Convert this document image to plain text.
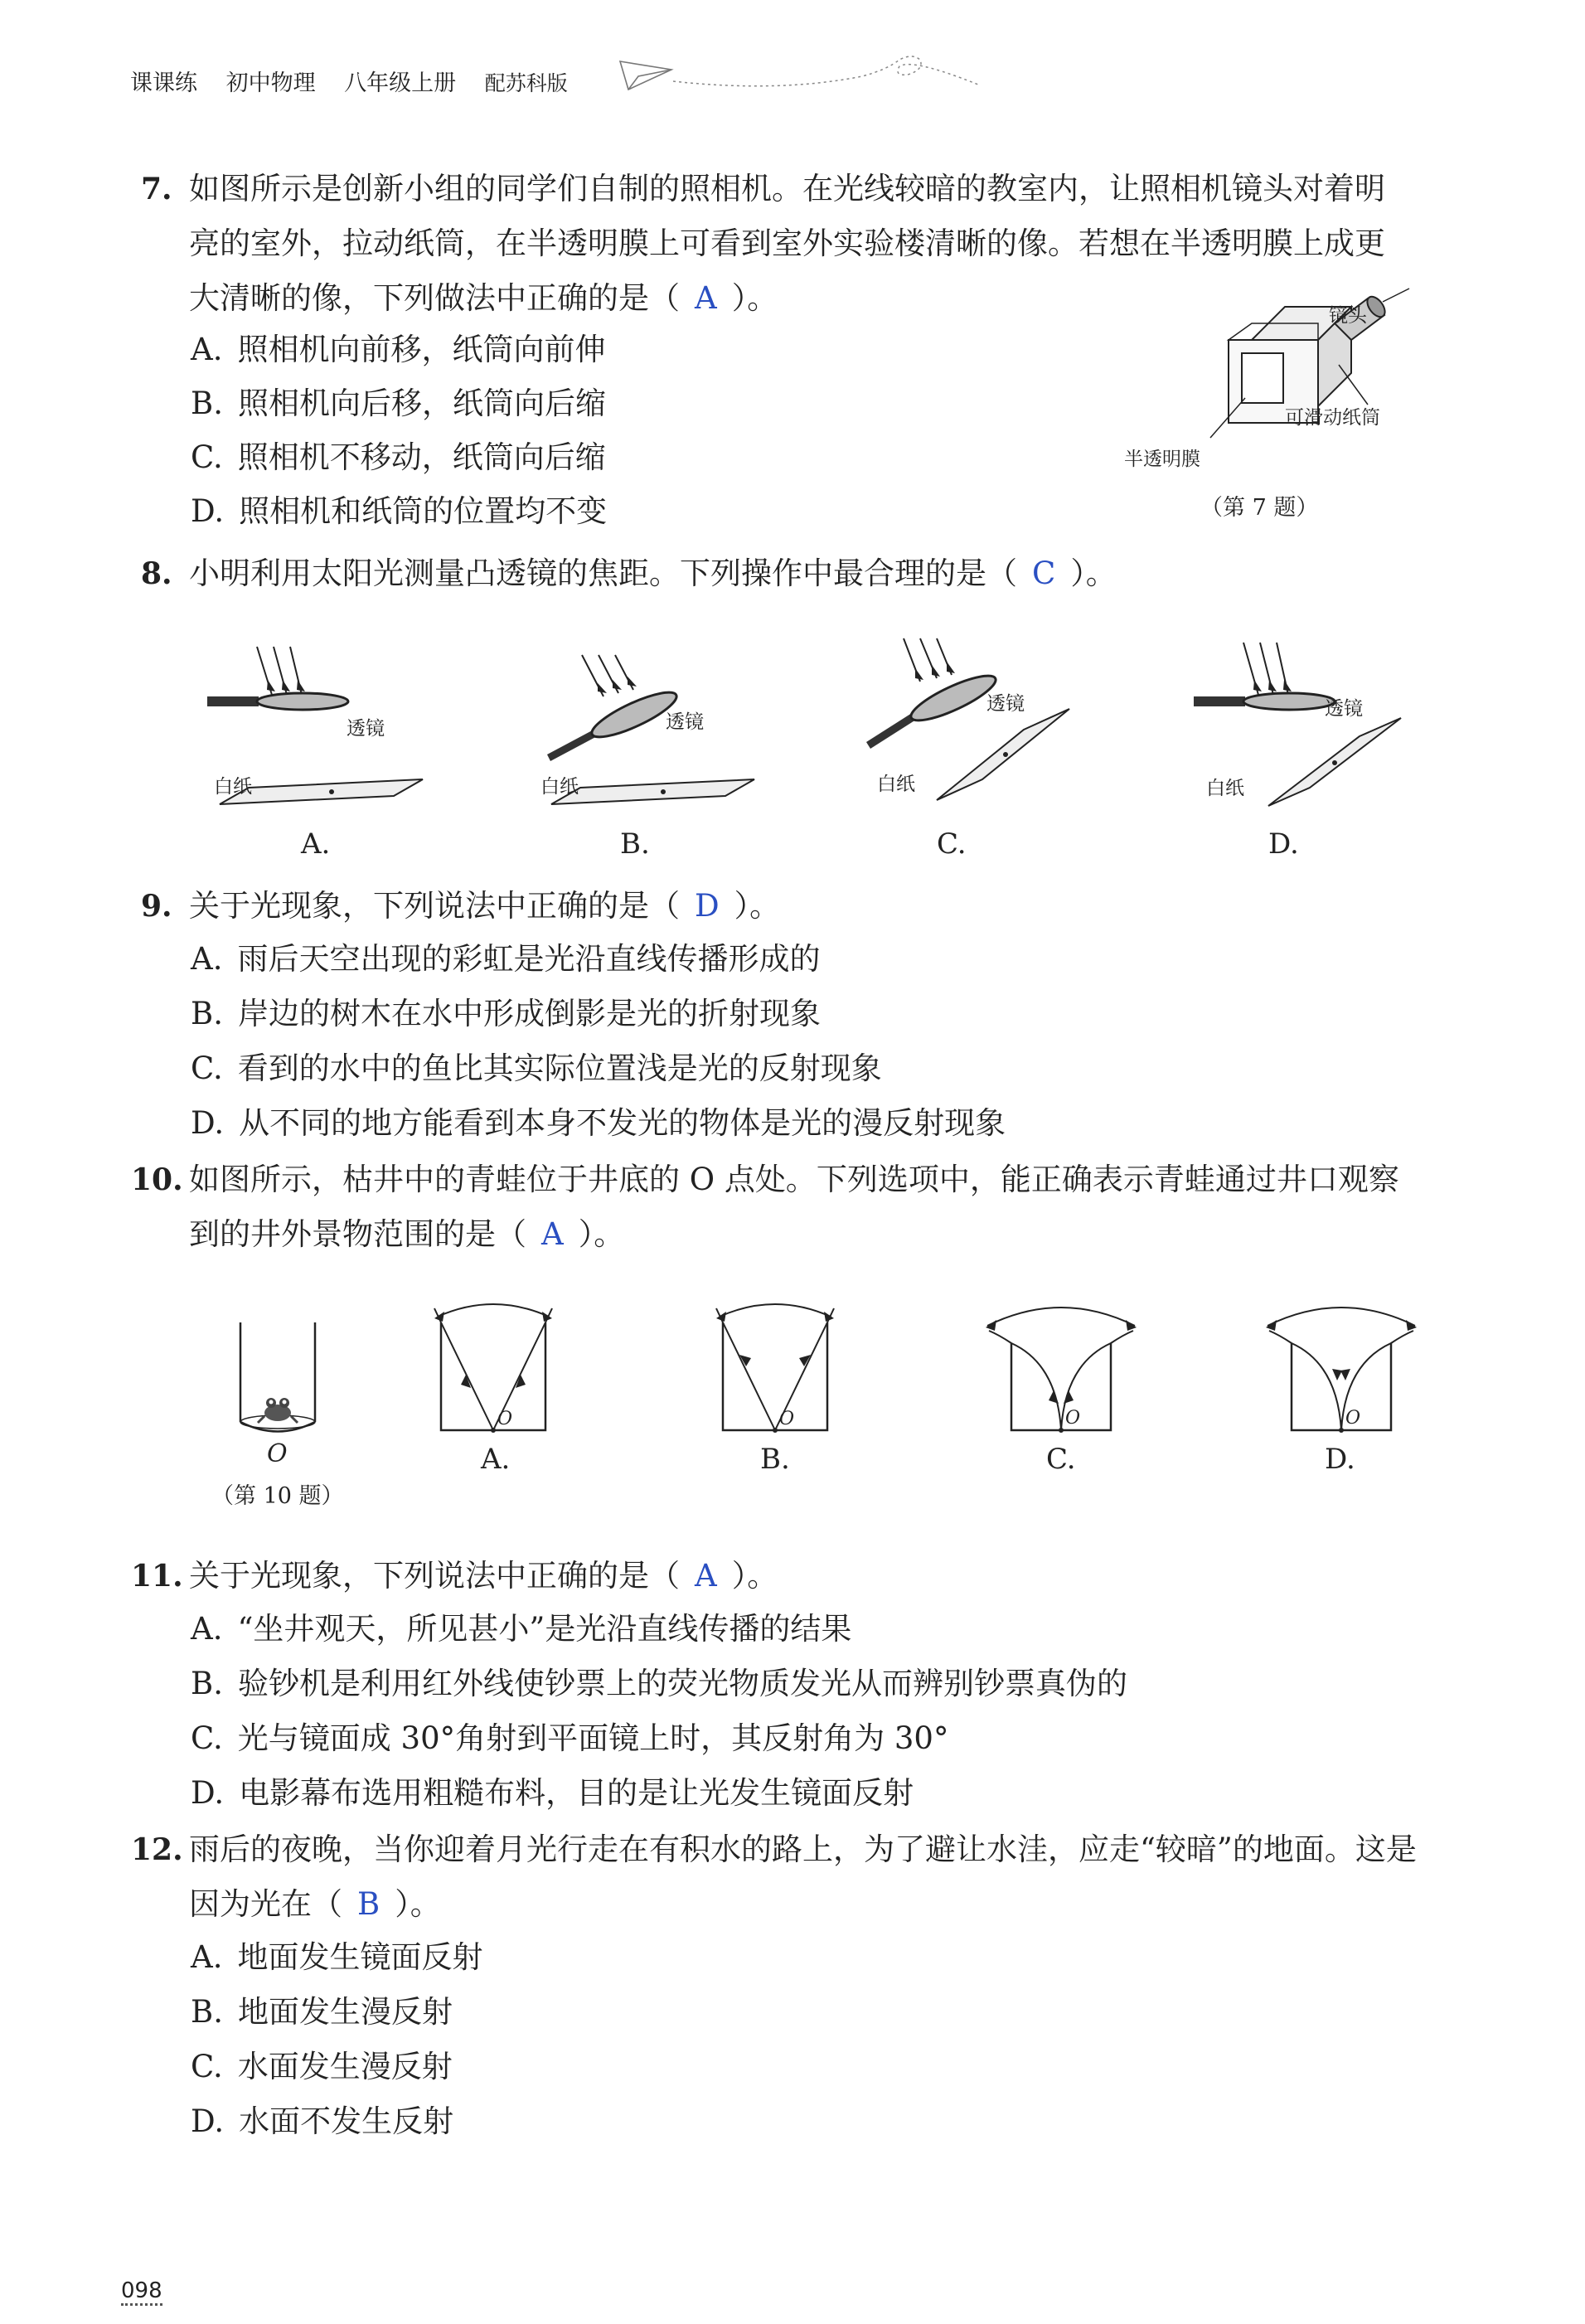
课课练 初中物理 八年级上册 配苏科版
7. 如图所示是创新小组的同学们自制的照相机。在光线较暗的教室内，让照相机镜头对着明
亮的室外，拉动纸筒，在半透明膜上可看到室外实验楼清晰的像。若想在半透明膜上成更
大清晰的像，下列做法中正确的是（ A ）。
A. 照相机向前移，纸筒向前伸
B. 照相机向后移，纸筒向后缩
C. 照相机不移动，纸筒向后缩
D. 照相机和纸筒的位置均不变
镜头
可滑动纸筒
半透明膜
（第 7 题）
8. 小明利用太阳光测量凸透镜的焦距。下列操作中最合理的是（ C ）。
透镜
白纸
透镜
白纸
透镜
白纸
透镜
白纸
A.	B.	C.	D.
9. 关于光现象，下列说法中正确的是（ D ）。
A. 雨后天空出现的彩虹是光沿直线传播形成的
B. 岸边的树木在水中形成倒影是光的折射现象
C. 看到的水中的鱼比其实际位置浅是光的反射现象
D. 从不同的地方能看到本身不发光的物体是光的漫反射现象
10. 如图所示，枯井中的青蛙位于井底的 O 点处。下列选项中，能正确表示青蛙通过井口观察
到的井外景物范围的是（ A ）。
O
（第 10 题）
O	O	O	O
A.	B.	C.	D.
11. 关于光现象，下列说法中正确的是（ A ）。
A. “坐井观天，所见甚小”是光沿直线传播的结果
B. 验钞机是利用红外线使钞票上的荧光物质发光从而辨别钞票真伪的
C. 光与镜面成 30°角射到平面镜上时，其反射角为 30°
D. 电影幕布选用粗糙布料，目的是让光发生镜面反射
12. 雨后的夜晚，当你迎着月光行走在有积水的路上，为了避让水洼，应走“较暗”的地面。这是
因为光在（ B ）。
A. 地面发生镜面反射
B. 地面发生漫反射
C. 水面发生漫反射
D. 水面不发生反射
098
